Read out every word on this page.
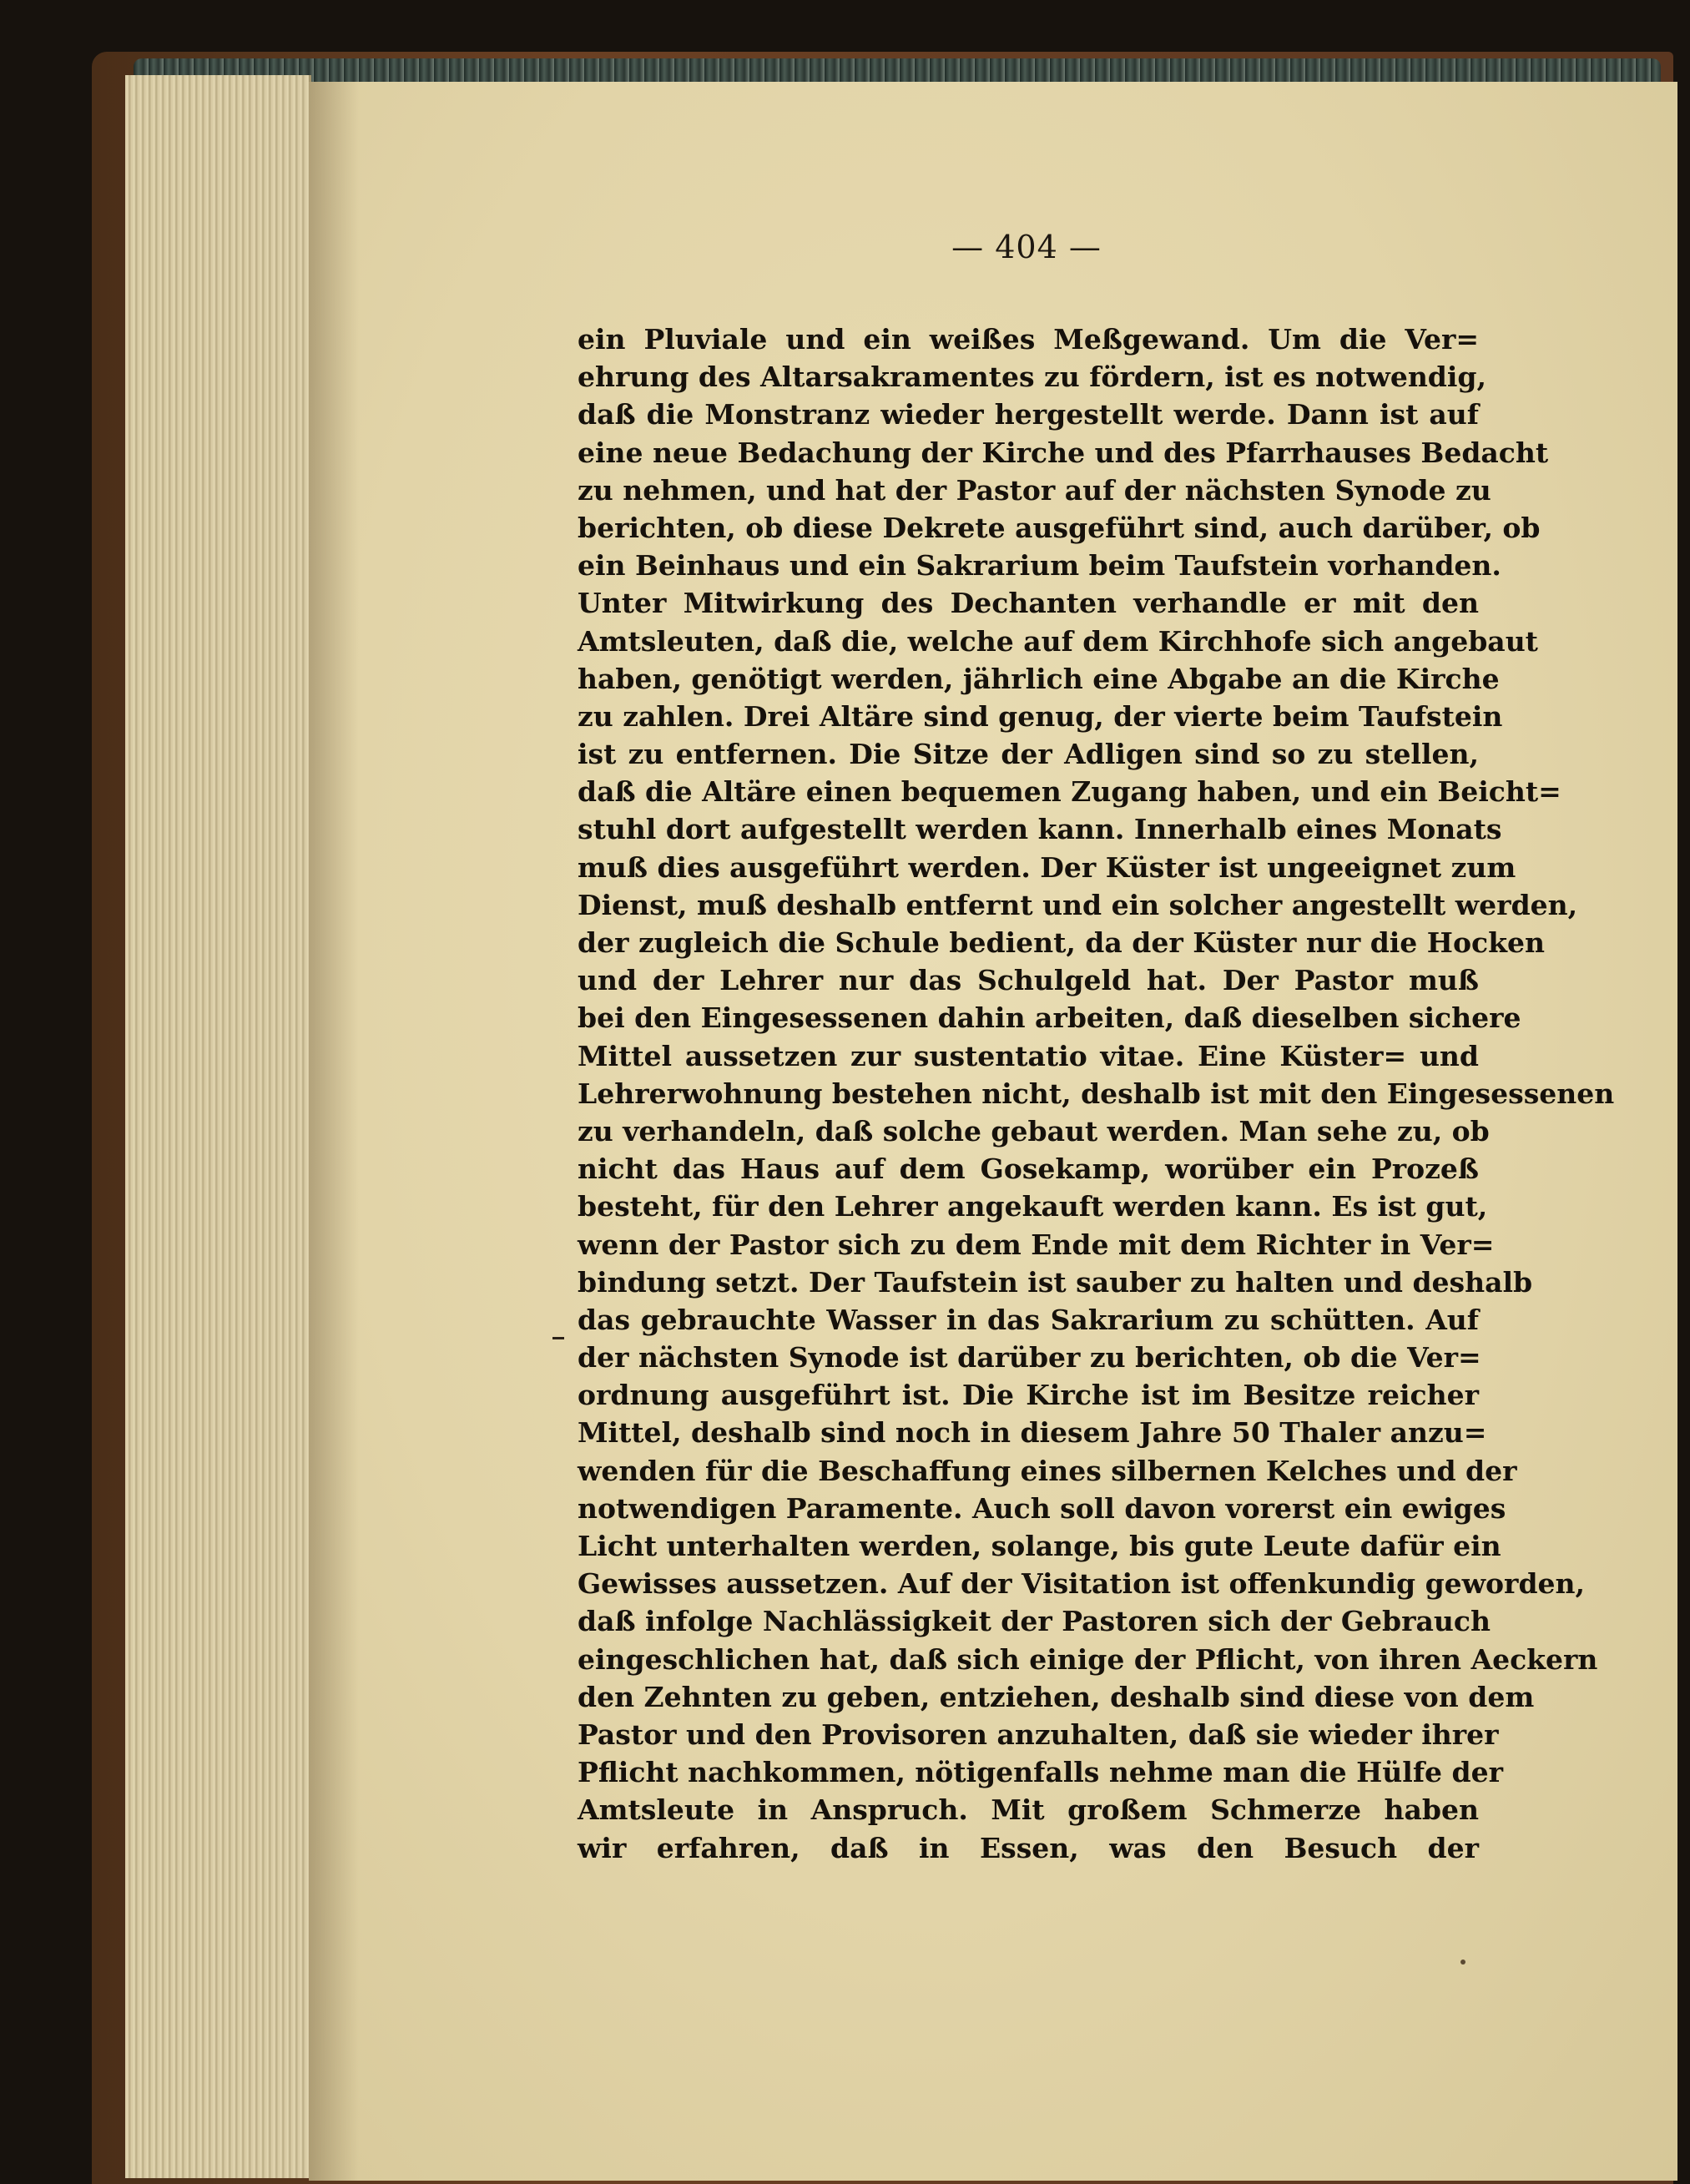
— 404 —
ein Pluviale und ein weißes Meßgewand. Um die Ver=
ehrung des Altarsakramentes zu fördern, ist es notwendig,
daß die Monstranz wieder hergestellt werde. Dann ist auf
eine neue Bedachung der Kirche und des Pfarrhauses Bedacht
zu nehmen, und hat der Pastor auf der nächsten Synode zu
berichten, ob diese Dekrete ausgeführt sind, auch darüber, ob
ein Beinhaus und ein Sakrarium beim Taufstein vorhanden.
Unter Mitwirkung des Dechanten verhandle er mit den
Amtsleuten, daß die, welche auf dem Kirchhofe sich angebaut
haben, genötigt werden, jährlich eine Abgabe an die Kirche
zu zahlen. Drei Altäre sind genug, der vierte beim Taufstein
ist zu entfernen. Die Sitze der Adligen sind so zu stellen,
daß die Altäre einen bequemen Zugang haben, und ein Beicht=
stuhl dort aufgestellt werden kann. Innerhalb eines Monats
muß dies ausgeführt werden. Der Küster ist ungeeignet zum
Dienst, muß deshalb entfernt und ein solcher angestellt werden,
der zugleich die Schule bedient, da der Küster nur die Hocken
und der Lehrer nur das Schulgeld hat. Der Pastor muß
bei den Eingesessenen dahin arbeiten, daß dieselben sichere
Mittel aussetzen zur sustentatio vitae. Eine Küster= und
Lehrerwohnung bestehen nicht, deshalb ist mit den Eingesessenen
zu verhandeln, daß solche gebaut werden. Man sehe zu, ob
nicht das Haus auf dem Gosekamp, worüber ein Prozeß
besteht, für den Lehrer angekauft werden kann. Es ist gut,
wenn der Pastor sich zu dem Ende mit dem Richter in Ver=
bindung setzt. Der Taufstein ist sauber zu halten und deshalb
das gebrauchte Wasser in das Sakrarium zu schütten. Auf
der nächsten Synode ist darüber zu berichten, ob die Ver=
ordnung ausgeführt ist. Die Kirche ist im Besitze reicher
Mittel, deshalb sind noch in diesem Jahre 50 Thaler anzu=
wenden für die Beschaffung eines silbernen Kelches und der
notwendigen Paramente. Auch soll davon vorerst ein ewiges
Licht unterhalten werden, solange, bis gute Leute dafür ein
Gewisses aussetzen. Auf der Visitation ist offenkundig geworden,
daß infolge Nachlässigkeit der Pastoren sich der Gebrauch
eingeschlichen hat, daß sich einige der Pflicht, von ihren Aeckern
den Zehnten zu geben, entziehen, deshalb sind diese von dem
Pastor und den Provisoren anzuhalten, daß sie wieder ihrer
Pflicht nachkommen, nötigenfalls nehme man die Hülfe der
Amtsleute in Anspruch. Mit großem Schmerze haben
wir erfahren, daß in Essen, was den Besuch der
